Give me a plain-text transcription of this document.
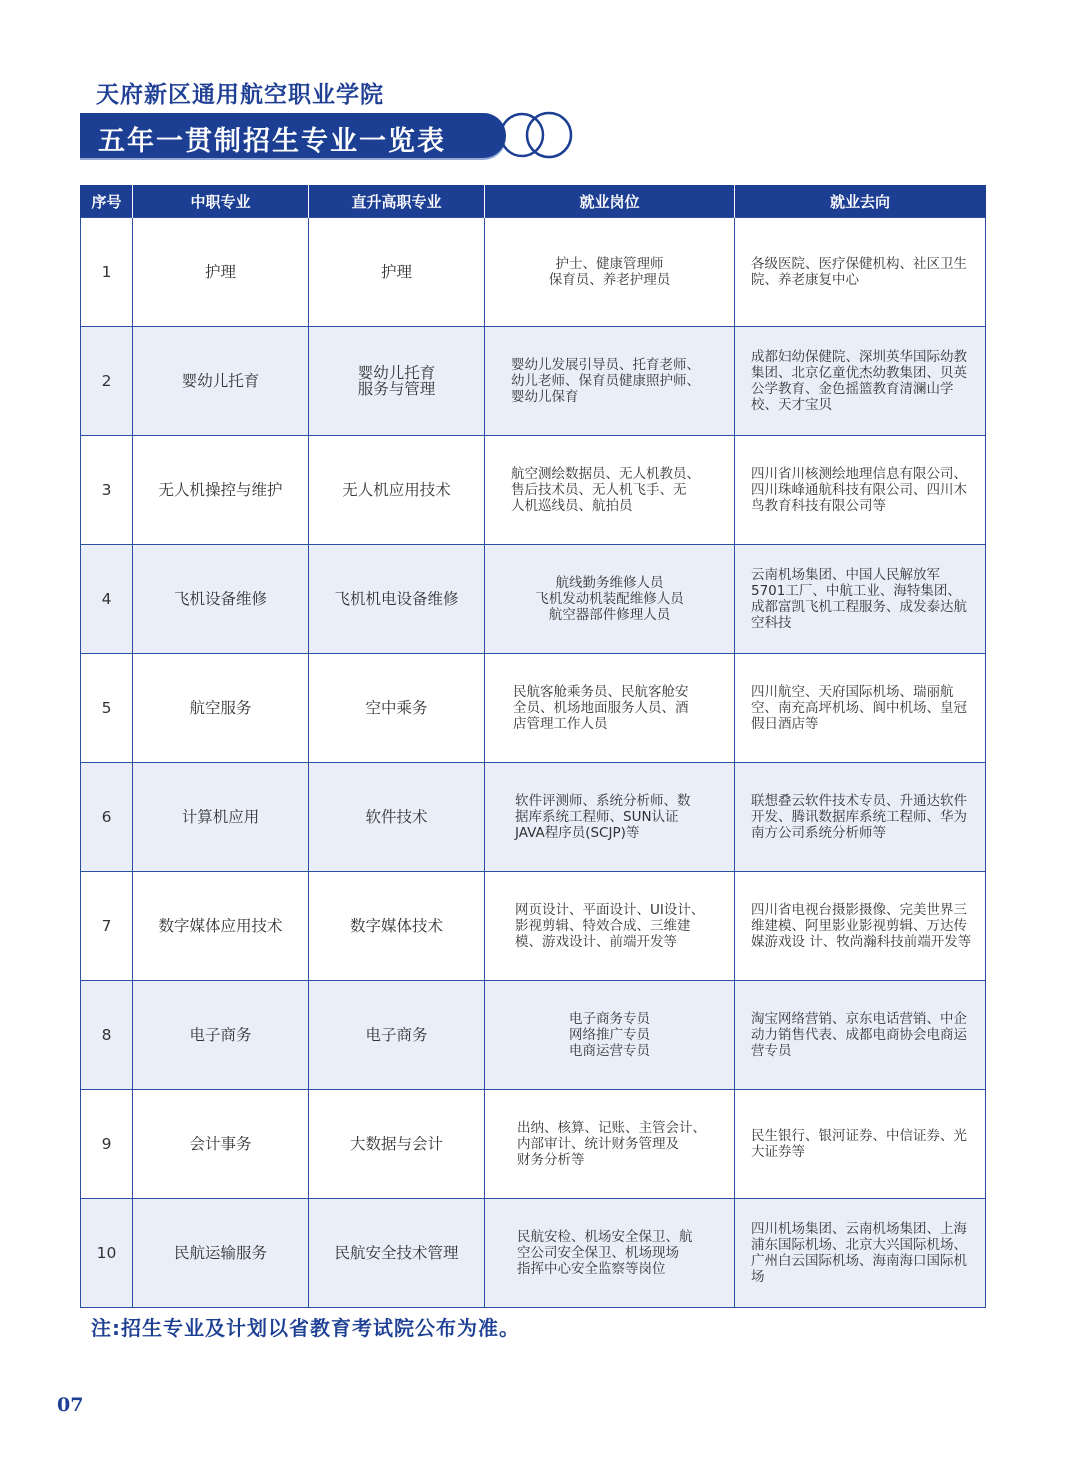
天府新区通用航空职业学院
五年一贯制招生专业一览表
序号	中职专业	直升高职专业	就业岗位	就业去向
1	护理	护理	护士、健康管理师
保育员、养老护理员	各级医院、医疗保健机构、社区卫生院、养老康复中心
2	婴幼儿托育	婴幼儿托育
服务与管理	婴幼儿发展引导员、托育老师、
幼儿老师、保育员健康照护师、
婴幼儿保育	成都妇幼保健院、深圳英华国际幼教集团、北京亿童优杰幼教集团、贝英公学教育、金色摇篮教育清澜山学校、天才宝贝
3	无人机操控与维护	无人机应用技术	航空测绘数据员、无人机教员、
售后技术员、无人机飞手、无
人机巡线员、航拍员	四川省川核测绘地理信息有限公司、四川珠峰通航科技有限公司、四川木鸟教育科技有限公司等
4	飞机设备维修	飞机机电设备维修	航线勤务维修人员
飞机发动机装配维修人员
航空器部件修理人员	云南机场集团、中国人民解放军5701工厂、中航工业、海特集团、成都富凯飞机工程服务、成发泰达航空科技
5	航空服务	空中乘务	民航客舱乘务员、民航客舱安
全员、机场地面服务人员、酒
店管理工作人员	四川航空、天府国际机场、瑞丽航空、南充高坪机场、阆中机场、皇冠假日酒店等
6	计算机应用	软件技术	软件评测师、系统分析师、数
据库系统工程师、SUN认证
JAVA程序员(SCJP)等	联想叠云软件技术专员、升通达软件开发、腾讯数据库系统工程师、华为南方公司系统分析师等
7	数字媒体应用技术	数字媒体技术	网页设计、平面设计、UI设计、
影视剪辑、特效合成、三维建
模、游戏设计、前端开发等	四川省电视台摄影摄像、完美世界三维建模、阿里影业影视剪辑、万达传媒游戏设 计、牧尚瀚科技前端开发等
8	电子商务	电子商务	电子商务专员
网络推广专员
电商运营专员	淘宝网络营销、京东电话营销、中企动力销售代表、成都电商协会电商运营专员
9	会计事务	大数据与会计	出纳、核算、记账、主管会计、
内部审计、统计财务管理及
财务分析等	民生银行、银河证券、中信证券、光大证券等
10	民航运输服务	民航安全技术管理	民航安检、机场安全保卫、航
空公司安全保卫、机场现场
指挥中心安全监察等岗位	四川机场集团、云南机场集团、上海浦东国际机场、北京大兴国际机场、广州白云国际机场、海南海口国际机场
注:招生专业及计划以省教育考试院公布为准。
07
